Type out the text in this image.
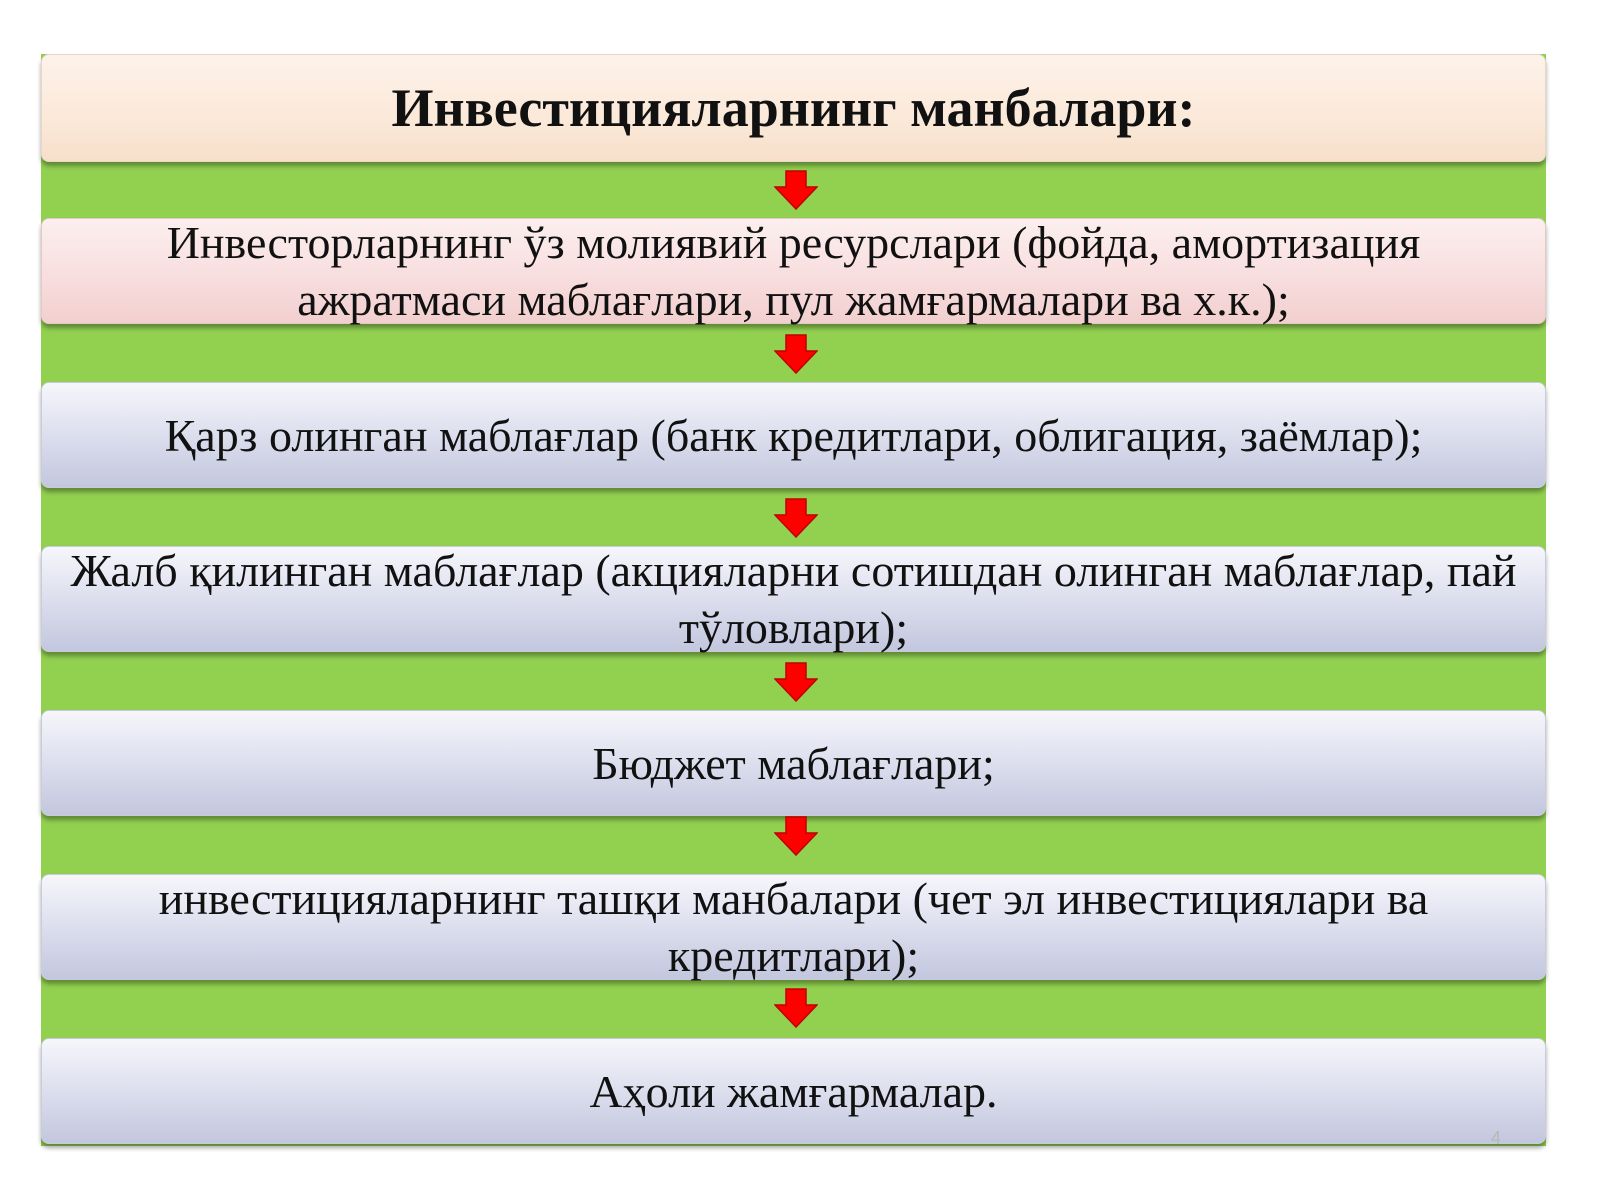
Инвестицияларнинг манбалари:
Инвесторларнинг ўз молиявий ресурслари (фойда, амортизация ажратмаси маблағлари, пул жамғармалари ва х.к.);
Қарз олинган маблағлар (банк кредитлари, облигация, заёмлар);
Жалб қилинган маблағлар (акцияларни сотишдан олинган маблағлар, пай тўловлари);
Бюджет маблағлари;
инвестицияларнинг ташқи манбалари (чет эл инвестициялари ва кредитлари);
Аҳоли жамғармалар.
4
